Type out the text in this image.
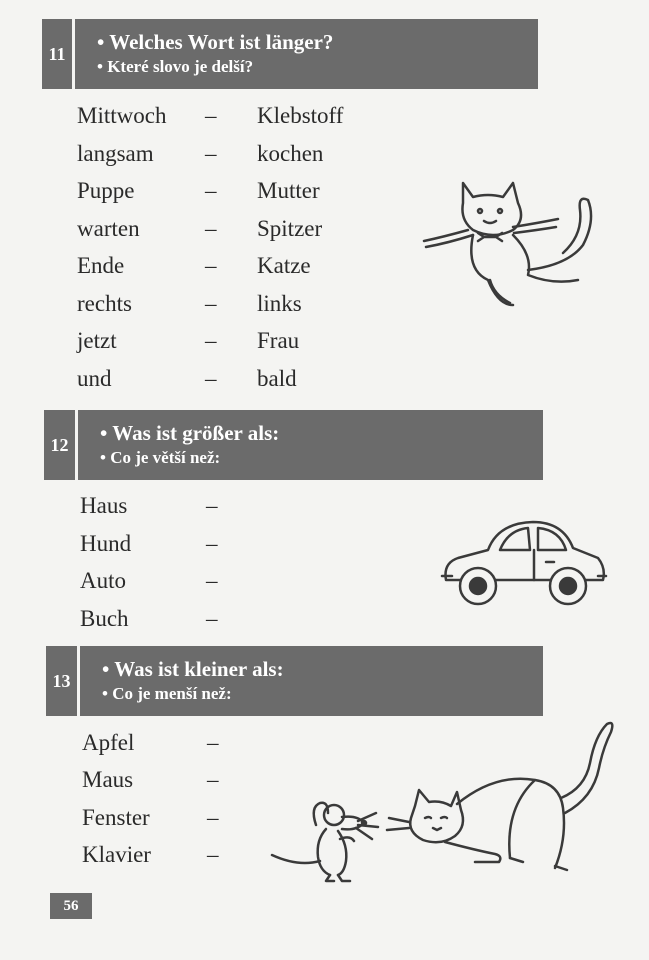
11	• Welches Wort ist länger?
• Které slovo je delší?
Mittwoch – Klebstoff
langsam – kochen
Puppe	– Mutter
warten	– Spitzer
Ende	– Katze
rechts	– links
jetzt	– Frau
und	– bald
12	• Was ist größer als:
• Co je větší než:
Haus	–
Hund	–
Auto	–
Buch	–
13	• Was ist kleiner als:
• Co je menší než:
Apfel	–
Maus	–
Fenster –
Klavier –
56
